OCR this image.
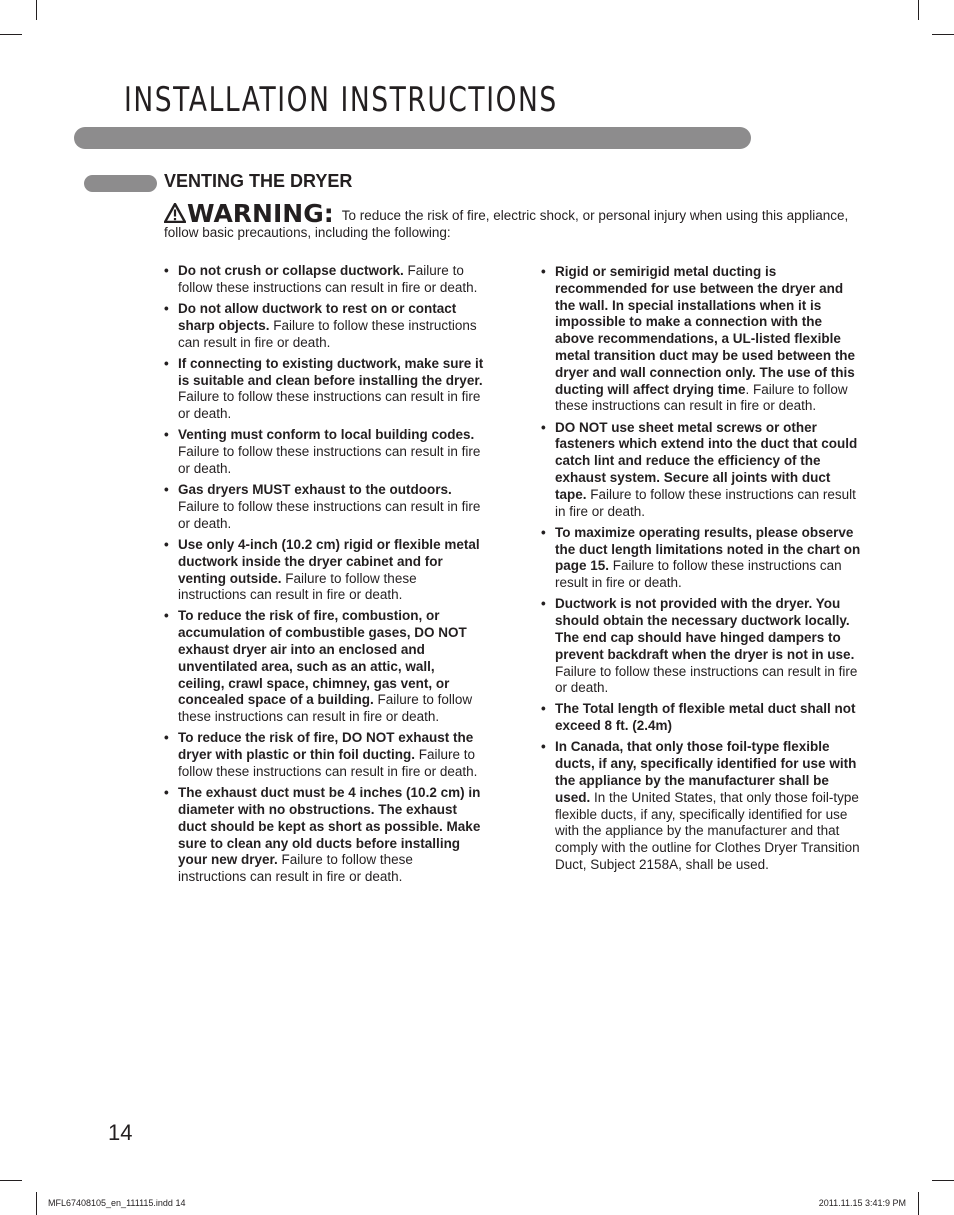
INSTALLATION INSTRUCTIONS
VENTING THE DRYER
WARNING: To reduce the risk of fire, electric shock, or personal injury when using this appliance, follow basic precautions, including the following:
• Do not crush or collapse ductwork. Failure to follow these instructions can result in fire or death.
• Do not allow ductwork to rest on or contact sharp objects. Failure to follow these instructions can result in fire or death.
• If connecting to existing ductwork, make sure it is suitable and clean before installing the dryer. Failure to follow these instructions can result in fire or death.
• Venting must conform to local building codes. Failure to follow these instructions can result in fire or death.
• Gas dryers MUST exhaust to the outdoors. Failure to follow these instructions can result in fire or death.
• Use only 4-inch (10.2 cm) rigid or flexible metal ductwork inside the dryer cabinet and for venting outside. Failure to follow these instructions can result in fire or death.
• To reduce the risk of fire, combustion, or accumulation of combustible gases, DO NOT exhaust dryer air into an enclosed and unventilated area, such as an attic, wall, ceiling, crawl space, chimney, gas vent, or concealed space of a building. Failure to follow these instructions can result in fire or death.
• To reduce the risk of fire, DO NOT exhaust the dryer with plastic or thin foil ducting. Failure to follow these instructions can result in fire or death.
• The exhaust duct must be 4 inches (10.2 cm) in diameter with no obstructions. The exhaust duct should be kept as short as possible. Make sure to clean any old ducts before installing your new dryer. Failure to follow these instructions can result in fire or death.
• Rigid or semirigid metal ducting is recommended for use between the dryer and the wall. In special installations when it is impossible to make a connection with the above recommendations, a UL-listed flexible metal transition duct may be used between the dryer and wall connection only. The use of this ducting will affect drying time. Failure to follow these instructions can result in fire or death.
• DO NOT use sheet metal screws or other fasteners which extend into the duct that could catch lint and reduce the efficiency of the exhaust system. Secure all joints with duct tape. Failure to follow these instructions can result in fire or death.
• To maximize operating results, please observe the duct length limitations noted in the chart on page 15. Failure to follow these instructions can result in fire or death.
• Ductwork is not provided with the dryer. You should obtain the necessary ductwork locally. The end cap should have hinged dampers to prevent backdraft when the dryer is not in use. Failure to follow these instructions can result in fire or death.
• The Total length of flexible metal duct shall not exceed 8 ft. (2.4m)
• In Canada, that only those foil-type flexible ducts, if any, specifically identified for use with the appliance by the manufacturer shall be used. In the United States, that only those foil-type flexible ducts, if any, specifically identified for use with the appliance by the manufacturer and that comply with the outline for Clothes Dryer Transition Duct, Subject 2158A, shall be used.
14
MFL67408105_en_111115.indd 14	2011.11.15 3:41:9 PM
